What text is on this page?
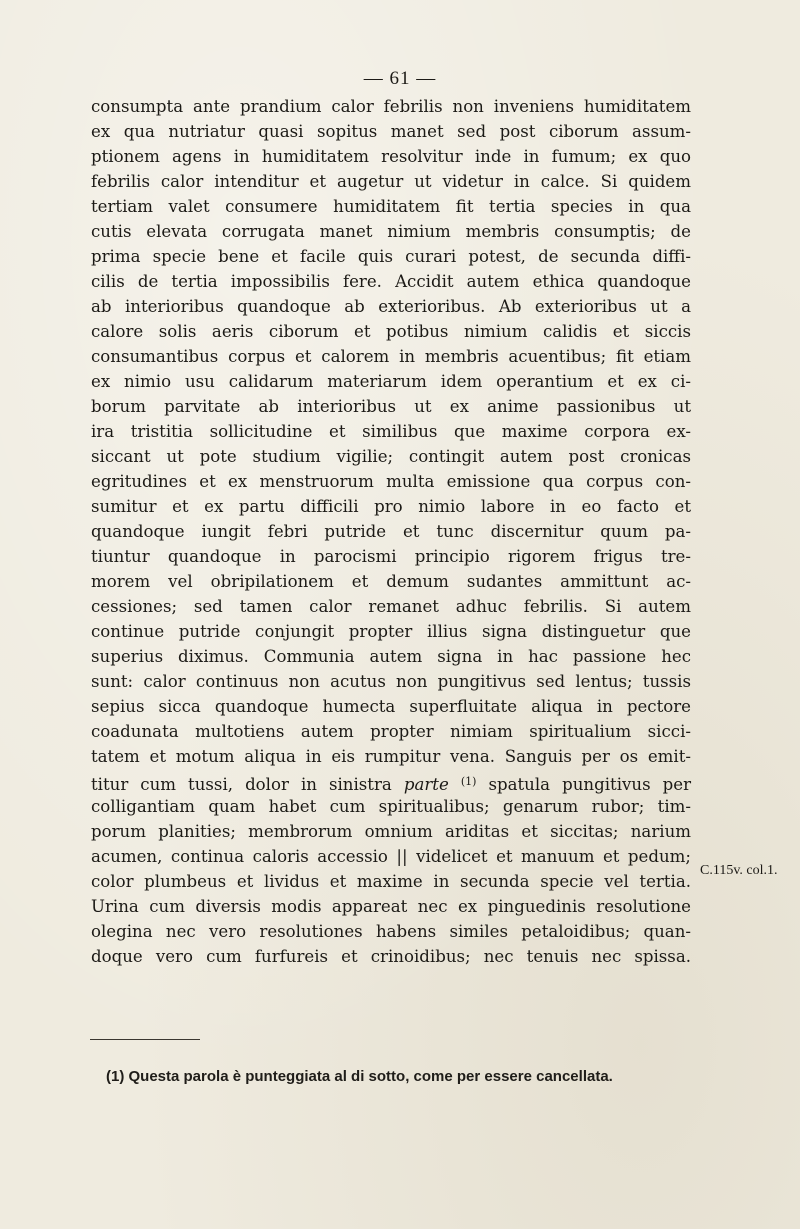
— 61 —
consumpta ante prandium calor febrilis non inveniens humiditatem
ex qua nutriatur quasi sopitus manet sed post ciborum assum-
ptionem agens in humiditatem resolvitur inde in fumum; ex quo
febrilis calor intenditur et augetur ut videtur in calce. Si quidem
tertiam valet consumere humiditatem fit tertia species in qua
cutis elevata corrugata manet nimium membris consumptis; de
prima specie bene et facile quis curari potest, de secunda diffi-
cilis de tertia impossibilis fere. Accidit autem ethica quandoque
ab interioribus quandoque ab exterioribus. Ab exterioribus ut a
calore solis aeris ciborum et potibus nimium calidis et siccis
consumantibus corpus et calorem in membris acuentibus; fit etiam
ex nimio usu calidarum materiarum idem operantium et ex ci-
borum parvitate ab interioribus ut ex anime passionibus ut
ira tristitia sollicitudine et similibus que maxime corpora ex-
siccant ut pote studium vigilie; contingit autem post cronicas
egritudines et ex menstruorum multa emissione qua corpus con-
sumitur et ex partu difficili pro nimio labore in eo facto et
quandoque iungit febri putride et tunc discernitur quum pa-
tiuntur quandoque in parocismi principio rigorem frigus tre-
morem vel obripilationem et demum sudantes ammittunt ac-
cessiones; sed tamen calor remanet adhuc febrilis. Si autem
continue putride conjungit propter illius signa distinguetur que
superius diximus. Communia autem signa in hac passione hec
sunt: calor continuus non acutus non pungitivus sed lentus; tussis
sepius sicca quandoque humecta superfluitate aliqua in pectore
coadunata multotiens autem propter nimiam spiritualium sicci-
tatem et motum aliqua in eis rumpitur vena. Sanguis per os emit-
titur cum tussi, dolor in sinistra parte $^{(1)}$ spatula pungitivus per
colligantiam quam habet cum spiritualibus; genarum rubor; tim-
porum planities; membrorum omnium ariditas et siccitas; narium
acumen, continua caloris accessio || videlicet et manuum et pedum;
color plumbeus et lividus et maxime in secunda specie vel tertia.
Urina cum diversis modis appareat nec ex pinguedinis resolutione
olegina nec vero resolutiones habens similes petaloidibus; quan-
doque vero cum furfureis et crinoidibus; nec tenuis nec spissa.
C.115v. col.1.
(1) Questa parola è punteggiata al di sotto, come per essere cancellata.
